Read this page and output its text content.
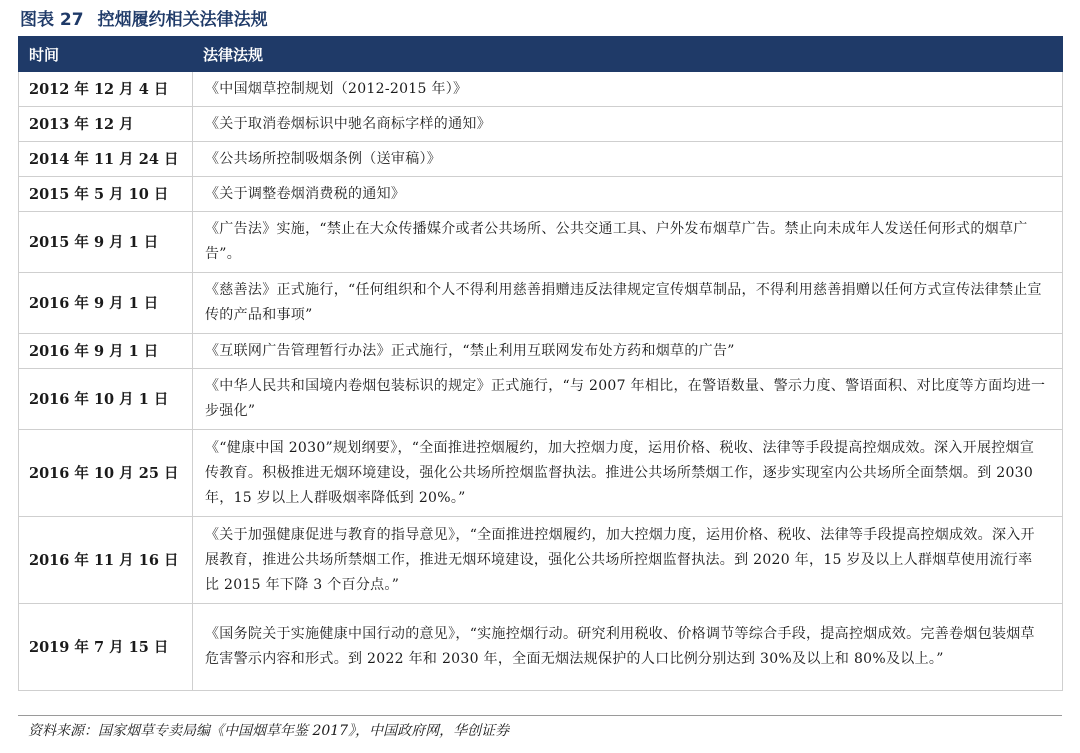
图表 27 控烟履约相关法律法规
时间	法律法规
2012 年 12 月 4 日	《中国烟草控制规划（2012-2015 年）》
2013 年 12 月	《关于取消卷烟标识中驰名商标字样的通知》
2014 年 11 月 24 日	《公共场所控制吸烟条例（送审稿）》
2015 年 5 月 10 日	《关于调整卷烟消费税的通知》
2015 年 9 月 1 日	《广告法》实施，“禁止在大众传播媒介或者公共场所、公共交通工具、户外发布烟草广告。禁止向未成年人发送任何形式的烟草广告”。
2016 年 9 月 1 日	《慈善法》正式施行，“任何组织和个人不得利用慈善捐赠违反法律规定宣传烟草制品，不得利用慈善捐赠以任何方式宣传法律禁止宣传的产品和事项”
2016 年 9 月 1 日	《互联网广告管理暂行办法》正式施行，“禁止利用互联网发布处方药和烟草的广告”
2016 年 10 月 1 日	《中华人民共和国境内卷烟包装标识的规定》正式施行，“与 2007 年相比，在警语数量、警示力度、警语面积、对比度等方面均进一步强化”
2016 年 10 月 25 日	《“健康中国 2030”规划纲要》，“全面推进控烟履约，加大控烟力度，运用价格、税收、法律等手段提高控烟成效。深入开展控烟宣传教育。积极推进无烟环境建设，强化公共场所控烟监督执法。推进公共场所禁烟工作，逐步实现室内公共场所全面禁烟。到 2030 年，15 岁以上人群吸烟率降低到 20%。”
2016 年 11 月 16 日	《关于加强健康促进与教育的指导意见》，“全面推进控烟履约，加大控烟力度，运用价格、税收、法律等手段提高控烟成效。深入开展教育，推进公共场所禁烟工作，推进无烟环境建设，强化公共场所控烟监督执法。到 2020 年，15 岁及以上人群烟草使用流行率比 2015 年下降 3 个百分点。”
2019 年 7 月 15 日	《国务院关于实施健康中国行动的意见》，“实施控烟行动。研究利用税收、价格调节等综合手段，提高控烟成效。完善卷烟包装烟草危害警示内容和形式。到 2022 年和 2030 年，全面无烟法规保护的人口比例分别达到 30%及以上和 80%及以上。”
资料来源：国家烟草专卖局编《中国烟草年鉴 2017》，中国政府网，华创证券
